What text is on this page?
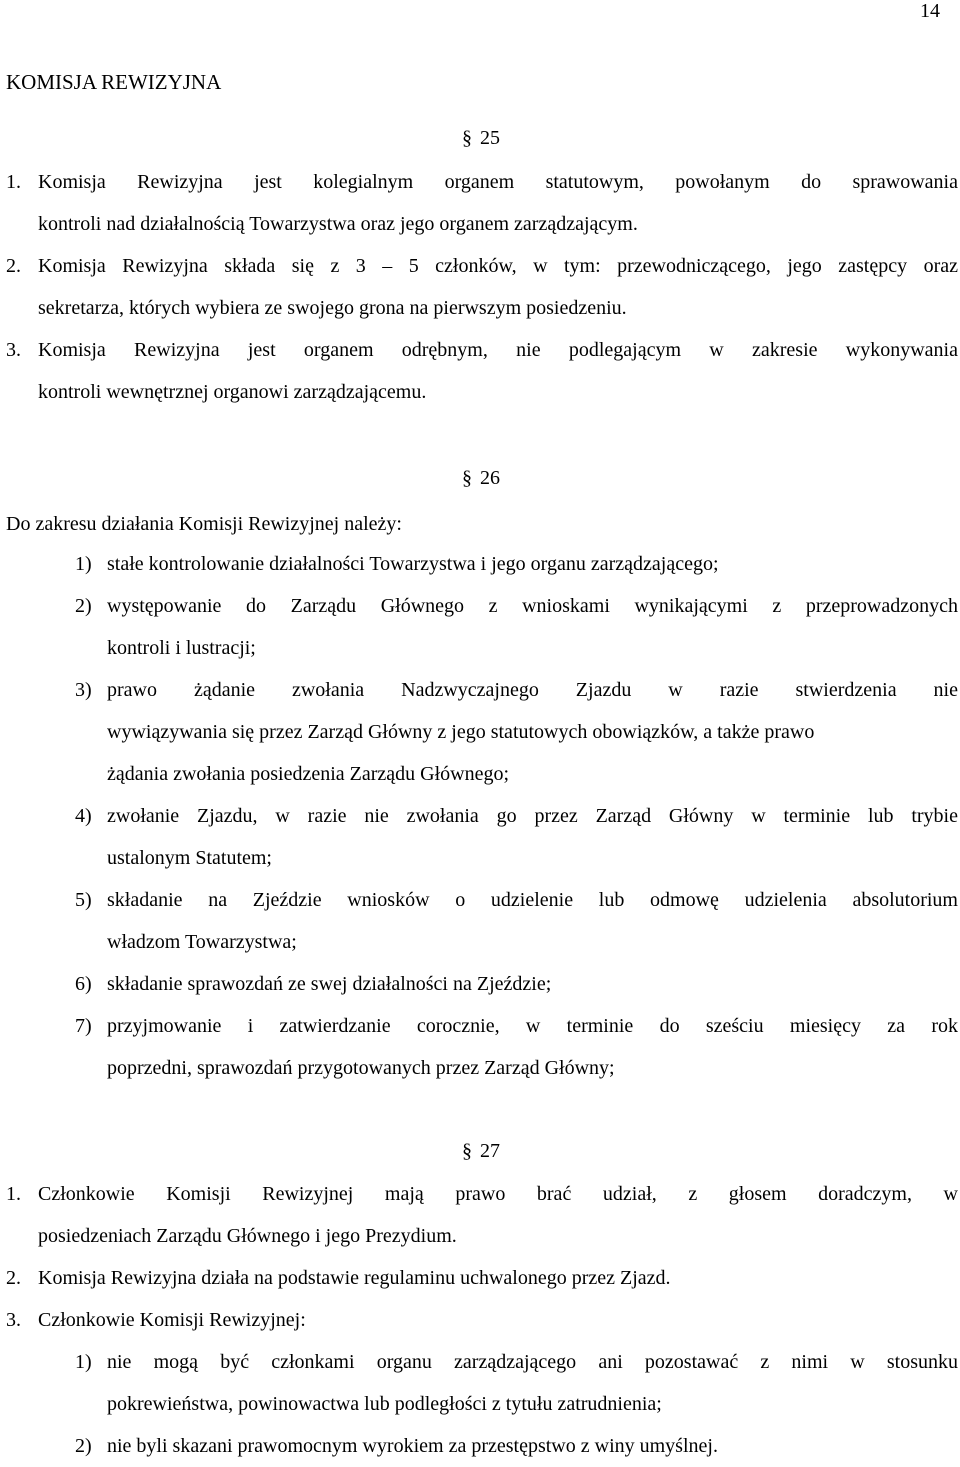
14
KOMISJA REWIZYJNA
§ 25
1. Komisja Rewizyjna jest kolegialnym organem statutowym, powołanym do sprawowania
kontroli nad działalnością Towarzystwa oraz jego organem zarządzającym.
2. Komisja Rewizyjna składa się z 3 – 5 członków, w tym: przewodniczącego, jego zastępcy oraz
sekretarza, których wybiera ze swojego grona na pierwszym posiedzeniu.
3. Komisja Rewizyjna jest organem odrębnym, nie podlegającym w zakresie wykonywania
kontroli wewnętrznej organowi zarządzającemu.
§ 26
Do zakresu działania Komisji Rewizyjnej należy:
1) stałe kontrolowanie działalności Towarzystwa i jego organu zarządzającego;
2) występowanie do Zarządu Głównego z wnioskami wynikającymi z przeprowadzonych
kontroli i lustracji;
3) prawo żądanie zwołania Nadzwyczajnego Zjazdu w razie stwierdzenia nie
wywiązywania się przez Zarząd Główny z jego statutowych obowiązków, a także prawo
żądania zwołania posiedzenia Zarządu Głównego;
4) zwołanie Zjazdu, w razie nie zwołania go przez Zarząd Główny w terminie lub trybie
ustalonym Statutem;
5) składanie na Zjeździe wniosków o udzielenie lub odmowę udzielenia absolutorium
władzom Towarzystwa;
6) składanie sprawozdań ze swej działalności na Zjeździe;
7) przyjmowanie i zatwierdzanie corocznie, w terminie do sześciu miesięcy za rok
poprzedni, sprawozdań przygotowanych przez Zarząd Główny;
§ 27
1. Członkowie Komisji Rewizyjnej mają prawo brać udział, z głosem doradczym, w
posiedzeniach Zarządu Głównego i jego Prezydium.
2. Komisja Rewizyjna działa na podstawie regulaminu uchwalonego przez Zjazd.
3. Członkowie Komisji Rewizyjnej:
1) nie mogą być członkami organu zarządzającego ani pozostawać z nimi w stosunku
pokrewieństwa, powinowactwa lub podległości z tytułu zatrudnienia;
2) nie byli skazani prawomocnym wyrokiem za przestępstwo z winy umyślnej.
